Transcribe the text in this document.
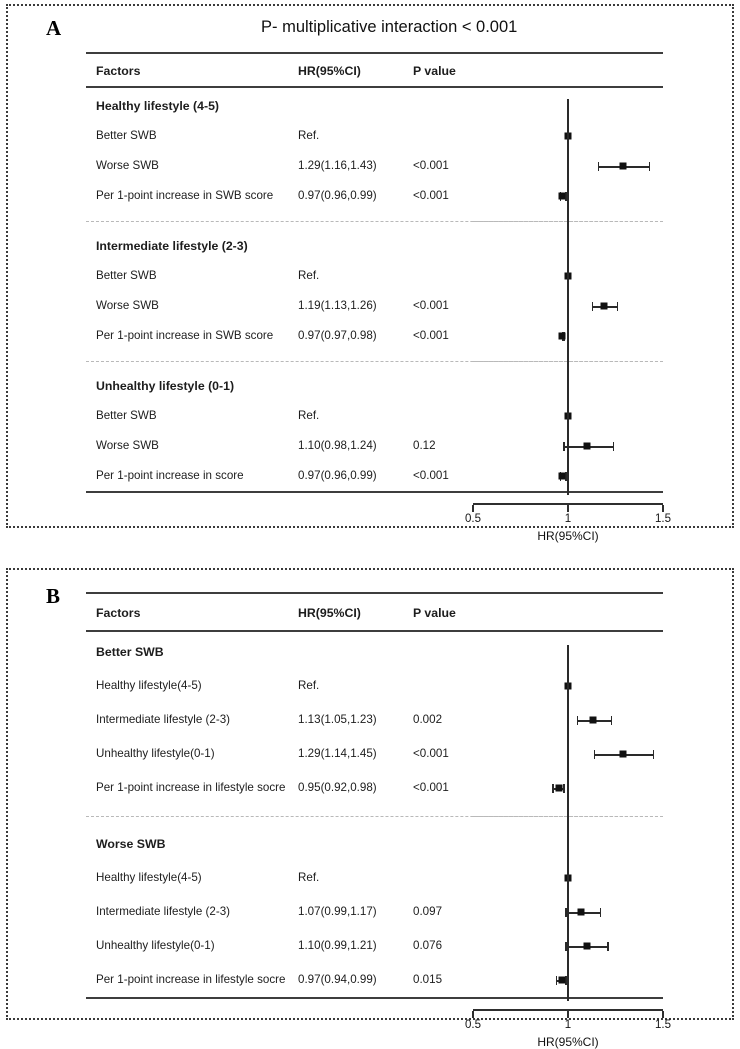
A	P- multiplicative interaction < 0.001
Factors	HR(95%CI)	P value
Healthy lifestyle (4-5)
Better SWB	Ref.
Worse SWB	1.29(1.16,1.43)	<0.001
Per 1-point increase in SWB score 0.97(0.96,0.99)	<0.001
Intermediate lifestyle (2-3)
Better SWB	Ref.
Worse SWB	1.19(1.13,1.26)	<0.001
Per 1-point increase in SWB score 0.97(0.97,0.98)	<0.001
Unhealthy lifestyle (0-1)
Better SWB	Ref.
Worse SWB	1.10(0.98,1.24)	0.12
Per 1-point increase in score	0.97(0.96,0.99)	<0.001
0.5	1	1.5
HR(95%CI)
B
Factors	HR(95%CI)	P value
Better SWB
Healthy lifestyle(4-5)	Ref.
Intermediate lifestyle (2-3)	1.13(1.05,1.23)	0.002
Unhealthy lifestyle(0-1)	1.29(1.14,1.45)	<0.001
Per 1-point increase in lifestyle socre 0.95(0.92,0.98)	<0.001
Worse SWB
Healthy lifestyle(4-5)	Ref.
Intermediate lifestyle (2-3)	1.07(0.99,1.17)	0.097
Unhealthy lifestyle(0-1)	1.10(0.99,1.21)	0.076
Per 1-point increase in lifestyle socre 0.97(0.94,0.99)	0.015
0.5	1	1.5
HR(95%CI)
